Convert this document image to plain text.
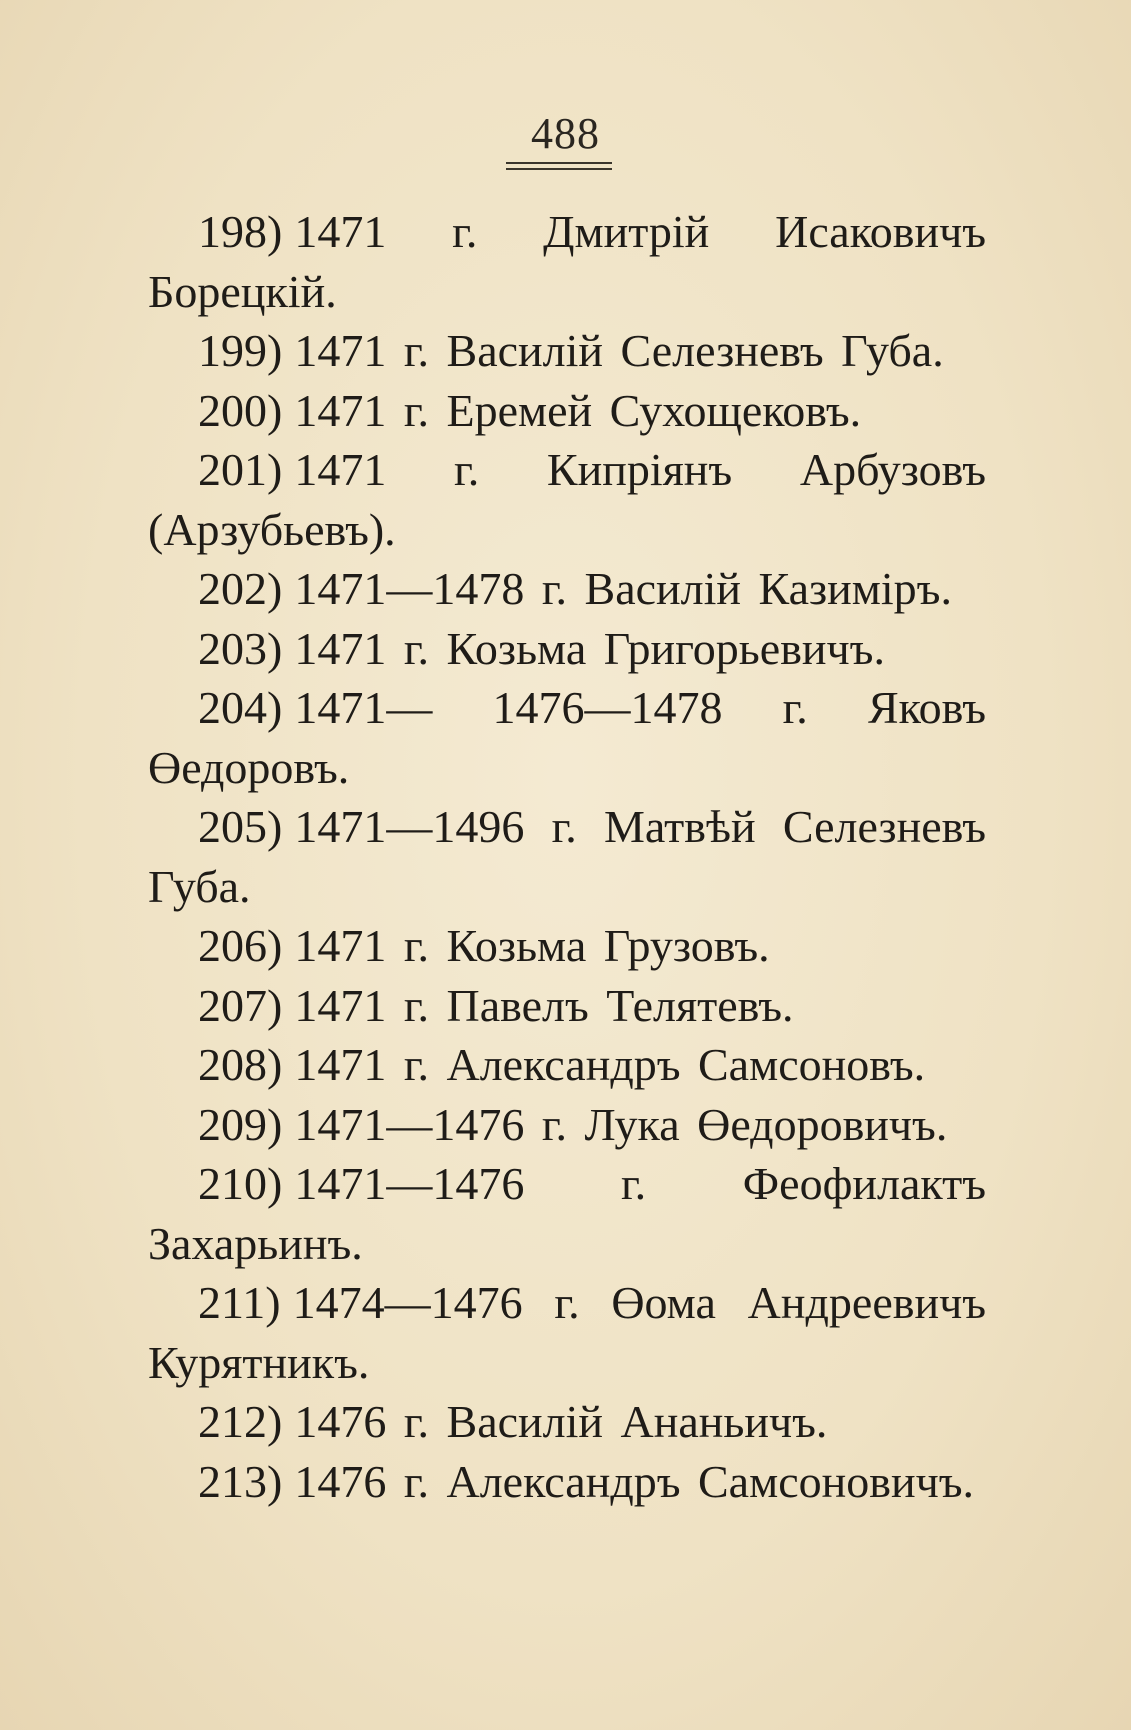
488

198) 1471 г. Дмитрій Исаковичъ Борецкій.

199) 1471 г. Василій Селезневъ Губа.

200) 1471 г. Еремей Сухощековъ.

201) 1471 г. Кипріянъ Арбузовъ (Арзубьевъ).

202) 1471—1478 г. Василій Казиміръ.

203) 1471 г. Козьма Григорьевичъ.

204) 1471— 1476—1478 г. Яковъ Өедоровъ.

205) 1471—1496 г. Матвѣй Селезневъ Губа.

206) 1471 г. Козьма Грузовъ.

207) 1471 г. Павелъ Телятевъ.

208) 1471 г. Александръ Самсоновъ.

209) 1471—1476 г. Лука Өедоровичъ.

210) 1471—1476 г. Феофилактъ Захарьинъ.

211) 1474—1476 г. Өома Андреевичъ Курятникъ.

212) 1476 г. Василій Ананьичъ.

213) 1476 г. Александръ Самсоновичъ.
